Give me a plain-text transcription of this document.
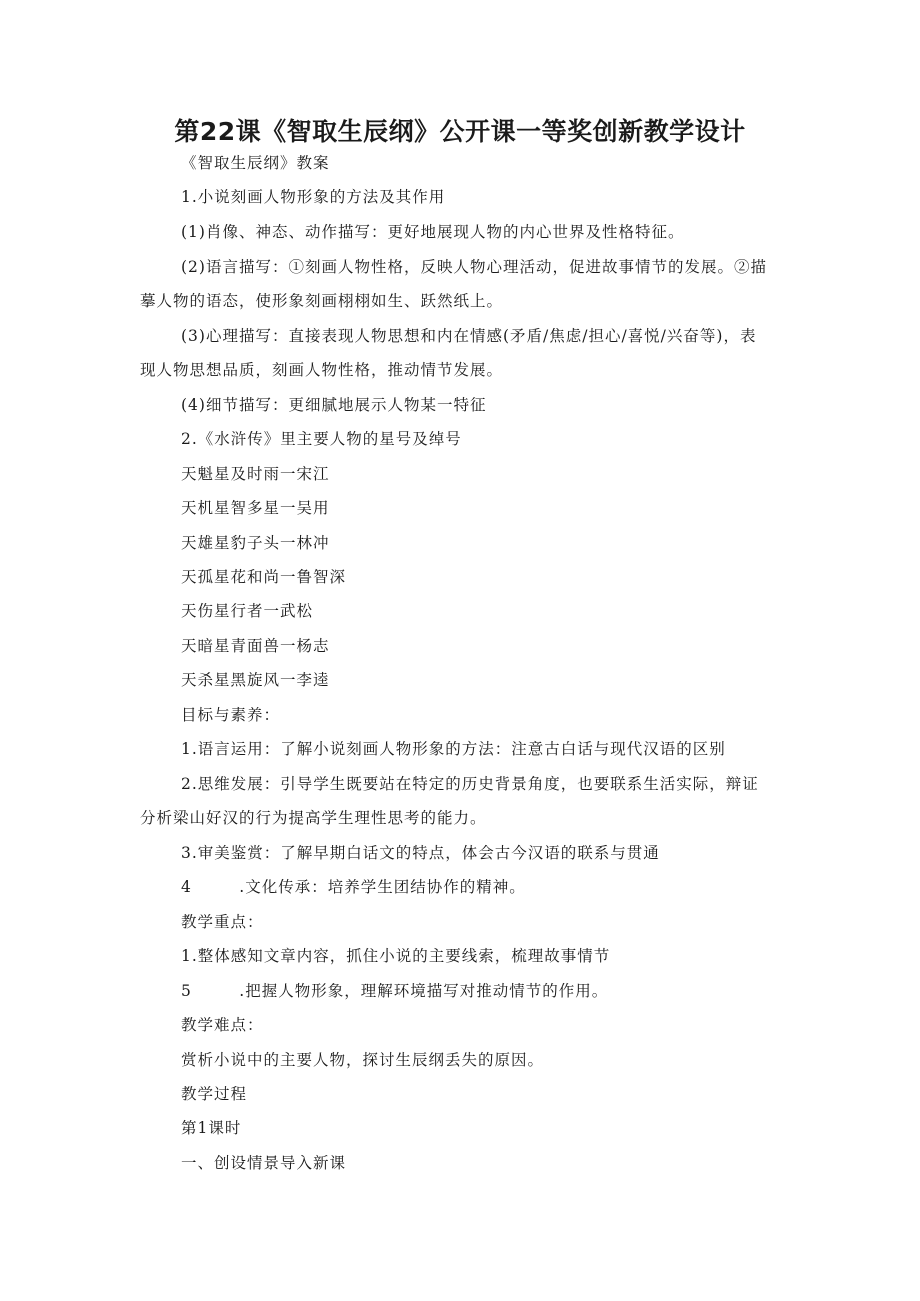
第22课《智取生辰纲》公开课一等奖创新教学设计
《智取生辰纲》教案
1.小说刻画人物形象的方法及其作用
(1)肖像、神态、动作描写：更好地展现人物的内心世界及性格特征。
(2)语言描写：①刻画人物性格，反映人物心理活动，促进故事情节的发展。②描
摹人物的语态，使形象刻画栩栩如生、跃然纸上。
(3)心理描写：直接表现人物思想和内在情感(矛盾/焦虑/担心/喜悦/兴奋等)，表
现人物思想品质，刻画人物性格，推动情节发展。
(4)细节描写：更细腻地展示人物某一特征
2.《水浒传》里主要人物的星号及绰号
天魁星及时雨一宋江
天机星智多星一吴用
天雄星豹子头一林冲
天孤星花和尚一鲁智深
天伤星行者一武松
天暗星青面兽一杨志
天杀星黑旋风一李逵
目标与素养：
1.语言运用：了解小说刻画人物形象的方法：注意古白话与现代汉语的区别
2.思维发展：引导学生既要站在特定的历史背景角度，也要联系生活实际，辩证
分析梁山好汉的行为提高学生理性思考的能力。
3.审美鉴赏：了解早期白话文的特点，体会古今汉语的联系与贯通
4        .文化传承：培养学生团结协作的精神。
教学重点：
1.整体感知文章内容，抓住小说的主要线索，梳理故事情节
5        .把握人物形象，理解环境描写对推动情节的作用。
教学难点：
赏析小说中的主要人物，探讨生辰纲丢失的原因。
教学过程
第1课时
一、创设情景导入新课
